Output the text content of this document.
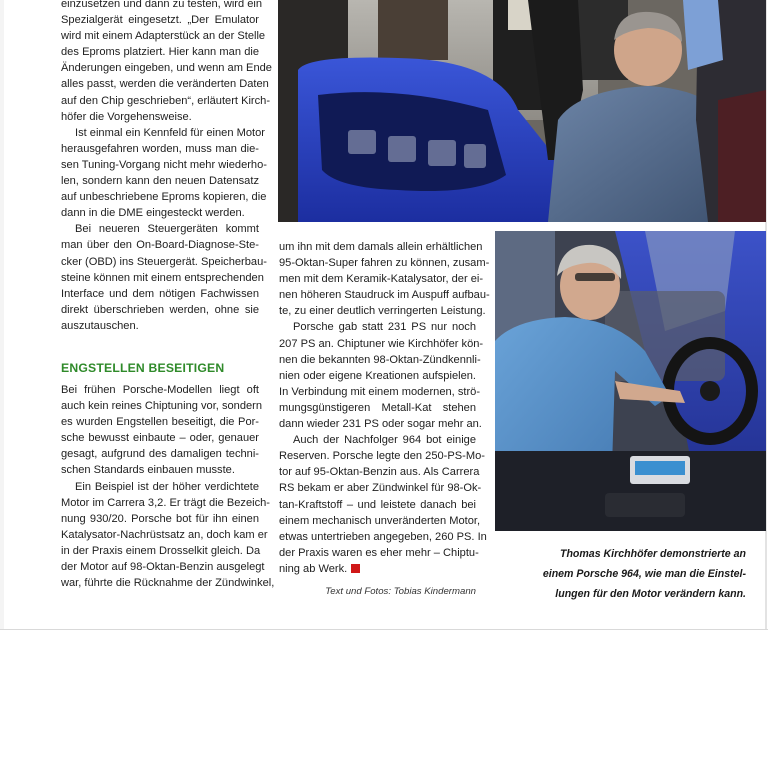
einzusetzen und dann zu testen, wird ein
Spezialgerät eingesetzt. „Der Emulator
wird mit einem Adapterstück an der Stelle
des Eproms platziert. Hier kann man die
Änderungen eingeben, und wenn am Ende
alles passt, werden die veränderten Daten
auf den Chip geschrieben“, erläutert Kirch-
höfer die Vorgehensweise.

Ist einmal ein Kennfeld für einen Motor
herausgefahren worden, muss man die-
sen Tuning-Vorgang nicht mehr wiederho-
len, sondern kann den neuen Datensatz
auf unbeschriebene Eproms kopieren, die
dann in die DME eingesteckt werden.

Bei neueren Steuergeräten kommt
man über den On-Board-Diagnose-Ste-
cker (OBD) ins Steuergerät. Speicherbau-
steine können mit einem entsprechenden
Interface und dem nötigen Fachwissen
direkt überschrieben werden, ohne sie
auszutauschen.

ENGSTELLEN BESEITIGEN

Bei frühen Porsche-Modellen liegt oft
auch kein reines Chiptuning vor, sondern
es wurden Engstellen beseitigt, die Por-
sche bewusst einbaute – oder, genauer
gesagt, aufgrund des damaligen techni-
schen Standards einbauen musste.

Ein Beispiel ist der höher verdichtete
Motor im Carrera 3,2. Er trägt die Bezeich-
nung 930/20. Porsche bot für ihn einen
Katalysator-Nachrüstsatz an, doch kam er
in der Praxis einem Drosselkit gleich. Da
der Motor auf 98-Oktan-Benzin ausgelegt
war, führte die Rücknahme der Zündwinkel,

um ihn mit dem damals allein erhältlichen
95-Oktan-Super fahren zu können, zusam-
men mit dem Keramik-Katalysator, der ei-
nen höheren Staudruck im Auspuff aufbau-
te, zu einer deutlich verringerten Leistung.

Porsche gab statt 231 PS nur noch
207 PS an. Chiptuner wie Kirchhöfer kön-
nen die bekannten 98-Oktan-Zündkennli-
nien oder eigene Kreationen aufspielen.
In Verbindung mit einem modernen, strö-
mungsgünstigeren Metall-Kat stehen
dann wieder 231 PS oder sogar mehr an.

Auch der Nachfolger 964 bot einige
Reserven. Porsche legte den 250-PS-Mo-
tor auf 95-Oktan-Benzin aus. Als Carrera
RS bekam er aber Zündwinkel für 98-Ok-
tan-Kraftstoff – und leistete danach bei
einem mechanisch unveränderten Motor,
etwas untertrieben angegeben, 260 PS. In
der Praxis waren es eher mehr – Chiptu-
ning ab Werk.

Text und Fotos: Tobias Kindermann
Thomas Kirchhöfer demonstrierte an
einem Porsche 964, wie man die Einstel-
lungen für den Motor verändern kann.
